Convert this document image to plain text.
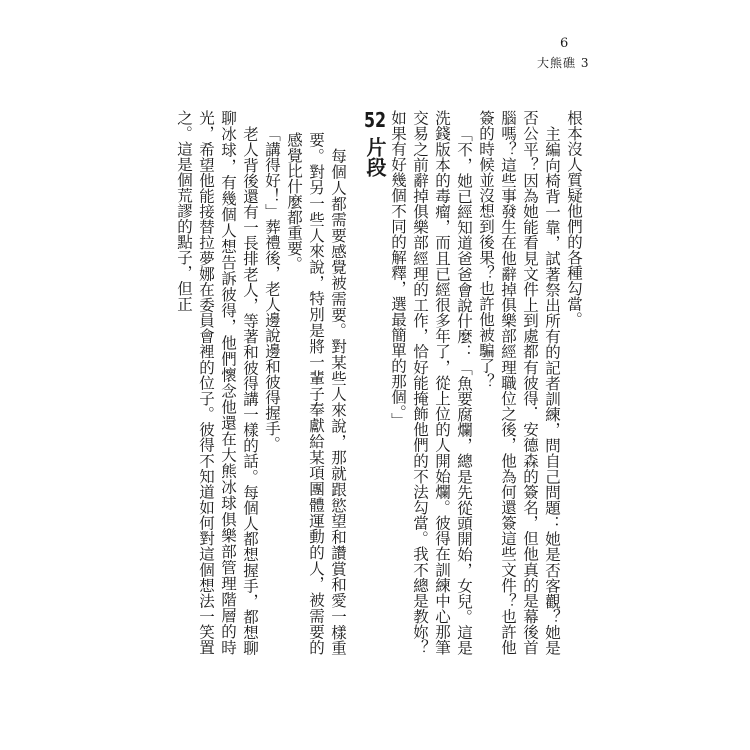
6
大熊礁 3

根本沒人質疑他們的各種勾當。

主編向椅背一靠，試著祭出所有的記者訓練，問自己問題：她是否客觀？她是否公平？因為她能看見文件上到處都有彼得．安德森的簽名，但他真的是幕後首腦嗎？這些事發生在他辭掉俱樂部經理職位之後，他為何還簽這些文件？也許他簽的時候並沒想到後果？也許他被騙了？

「不，她已經知道爸爸會說什麼：「魚要腐爛，總是先從頭開始，女兒。這是洗錢版本的毒瘤，而且已經很多年了，從上位的人開始爛。彼得在訓練中心那筆交易之前辭掉俱樂部經理的工作，恰好能掩飾他們的不法勾當。我不總是教妳？如果有好幾個不同的解釋，選最簡單的那個。」

52 片段

每個人都需要感覺被需要。對某些人來說，那就跟慾望和讚賞和愛一樣重要。對另一些人來說，特別是將一輩子奉獻給某項團體運動的人，被需要的感覺比什麼都重要。

「講得好！」葬禮後，老人邊說邊和彼得握手。

老人背後還有一長排老人，等著和彼得講一樣的話。每個人都想握手，都想聊聊冰球，有幾個人想告訴彼得，他們懷念他還在大熊冰球俱樂部管理階層的時光，希望他能接替拉夢娜在委員會裡的位子。彼得不知道如何對這個想法一笑置之。這是個荒謬的點子，但正
